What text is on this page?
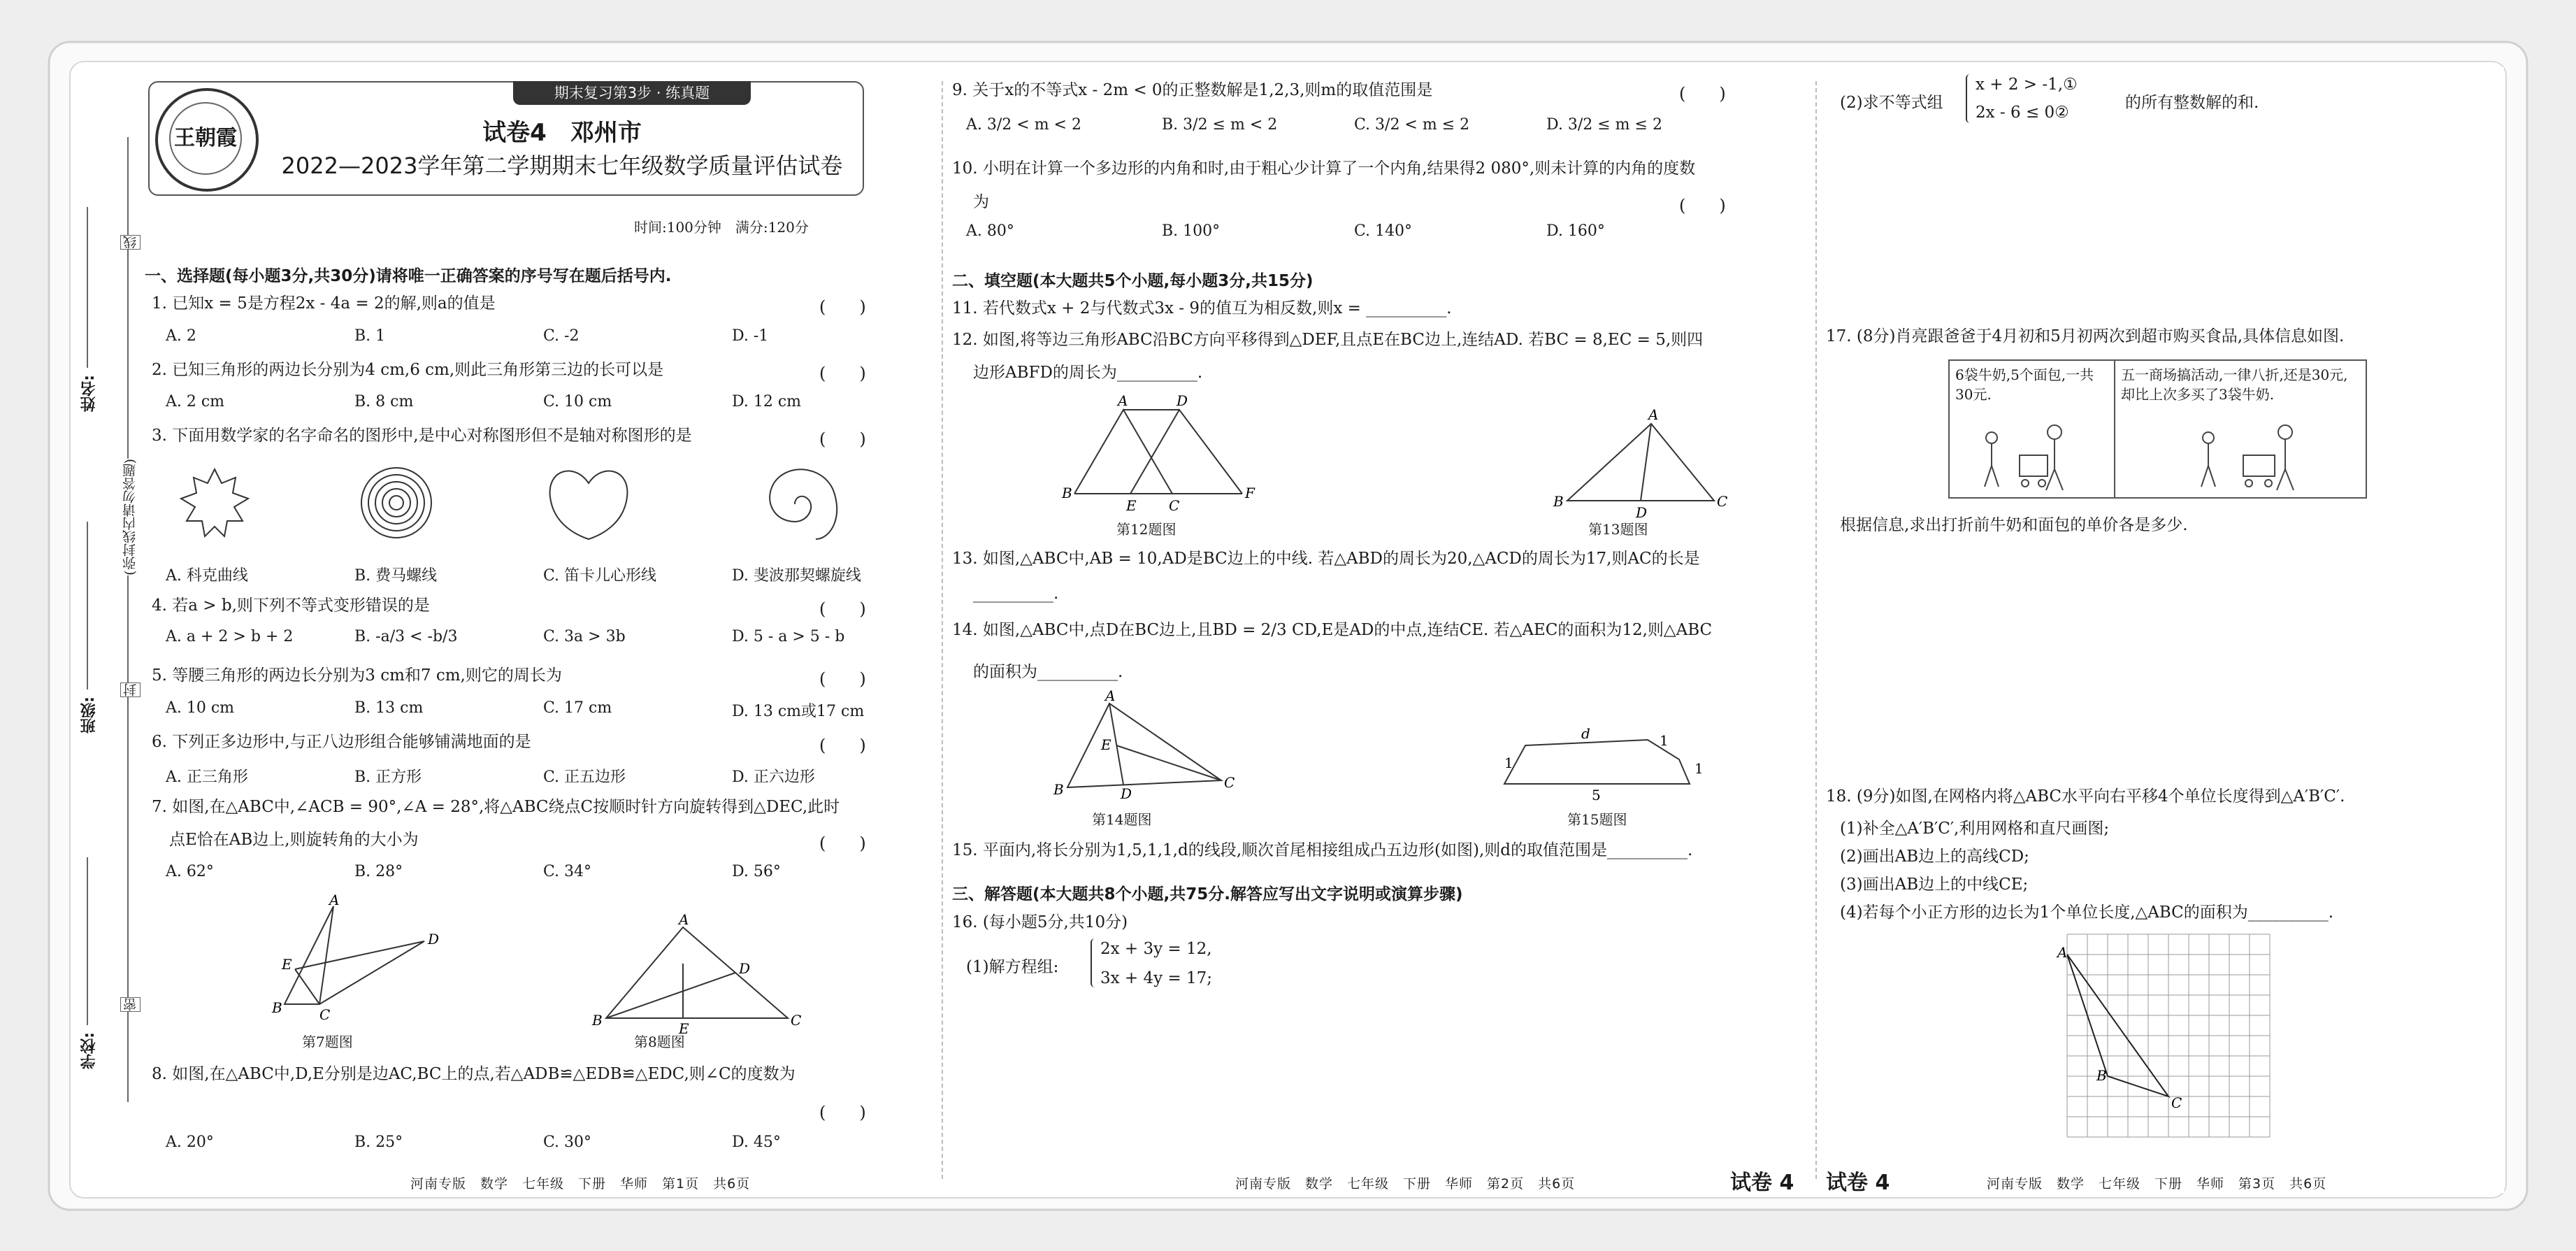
姓名:
班级:
学校:
线
(弥封线内请勿答题)
封
密
期末复习第3步 · 练真题
王朝霞	试卷4　邓州市
2022—2023学年第二学期期末七年级数学质量评估试卷
时间:100分钟　满分:120分
一、选择题(每小题3分,共30分)请将唯一正确答案的序号写在题后括号内.
1. 已知x = 5是方程2x - 4a = 2的解,则a的值是	(　　)
A. 2	B. 1	C. -2	D. -1
2. 已知三角形的两边长分别为4 cm,6 cm,则此三角形第三边的长可以是	(　　)
A. 2 cm	B. 8 cm	C. 10 cm	D. 12 cm
3. 下面用数学家的名字命名的图形中,是中心对称图形但不是轴对称图形的是	(　　)
A. 科克曲线	B. 费马螺线	C. 笛卡儿心形线	D. 斐波那契螺旋线
4. 若a > b,则下列不等式变形错误的是	(　　)
A. a + 2 > b + 2	B. -a/3 < -b/3	C. 3a > 3b	D. 5 - a > 5 - b
5. 等腰三角形的两边长分别为3 cm和7 cm,则它的周长为	(　　)
A. 10 cm	B. 13 cm	C. 17 cm	D. 13 cm或17 cm
6. 下列正多边形中,与正八边形组合能够铺满地面的是	(　　)
A. 正三角形	B. 正方形	C. 正五边形	D. 正六边形
7. 如图,在△ABC中,∠ACB = 90°,∠A = 28°,将△ABC绕点C按顺时针方向旋转得到△DEC,此时
点E恰在AB边上,则旋转角的大小为	(　　)
A. 62°	B. 28°	C. 34°	D. 56°
A
B	C
D
E
第7题图
A
B	C
D
E
第8题图
8. 如图,在△ABC中,D,E分别是边AC,BC上的点,若△ADB≌△EDB≌△EDC,则∠C的度数为
(　　)
A. 20°	B. 25°	C. 30°	D. 45°
河南专版　数学　七年级　下册　华师　第1页　共6页
9. 关于x的不等式x - 2m < 0的正整数解是1,2,3,则m的取值范围是	(　　)
A. 3/2 < m < 2	B. 3/2 ≤ m < 2	C. 3/2 < m ≤ 2	D. 3/2 ≤ m ≤ 2
10. 小明在计算一个多边形的内角和时,由于粗心少计算了一个内角,结果得2 080°,则未计算的内角的度数
为	(　　)
A. 80°	B. 100°	C. 140°	D. 160°
二、填空题(本大题共5个小题,每小题3分,共15分)
11. 若代数式x + 2与代数式3x - 9的值互为相反数,则x = __________.
12. 如图,将等边三角形ABC沿BC方向平移得到△DEF,且点E在BC边上,连结AD. 若BC = 8,EC = 5,则四
边形ABFD的周长为__________.
A	D
B
E C
F
第12题图
A
B	C
D
第13题图
13. 如图,△ABC中,AB = 10,AD是BC边上的中线. 若△ABD的周长为20,△ACD的周长为17,则AC的长是
__________.
14. 如图,△ABC中,点D在BC边上,且BD = 2/3 CD,E是AD的中点,连结CE. 若△AEC的面积为12,则△ABC
的面积为__________.
A
B	C
D
E
第14题图
d	1
1	1
5
第15题图
15. 平面内,将长分别为1,5,1,1,d的线段,顺次首尾相接组成凸五边形(如图),则d的取值范围是__________.
三、解答题(本大题共8个小题,共75分.解答应写出文字说明或演算步骤)
16. (每小题5分,共10分)
(1)解方程组:
2x + 3y = 12,
3x + 4y = 17;
河南专版　数学　七年级　下册　华师　第2页　共6页	试卷 4
(2)求不等式组
x + 2 > -1,①
2x - 6 ≤ 0②
的所有整数解的和.
17. (8分)肖亮跟爸爸于4月初和5月初两次到超市购买食品,具体信息如图.
6袋牛奶,5个面包,一共30元.
五一商场搞活动,一律八折,还是30元,却比上次多买了3袋牛奶.
根据信息,求出打折前牛奶和面包的单价各是多少.
18. (9分)如图,在网格内将△ABC水平向右平移4个单位长度得到△A′B′C′.
(1)补全△A′B′C′,利用网格和直尺画图;
(2)画出AB边上的高线CD;
(3)画出AB边上的中线CE;
(4)若每个小正方形的边长为1个单位长度,△ABC的面积为__________.
A
B
C
试卷 4	河南专版　数学　七年级　下册　华师　第3页　共6页
